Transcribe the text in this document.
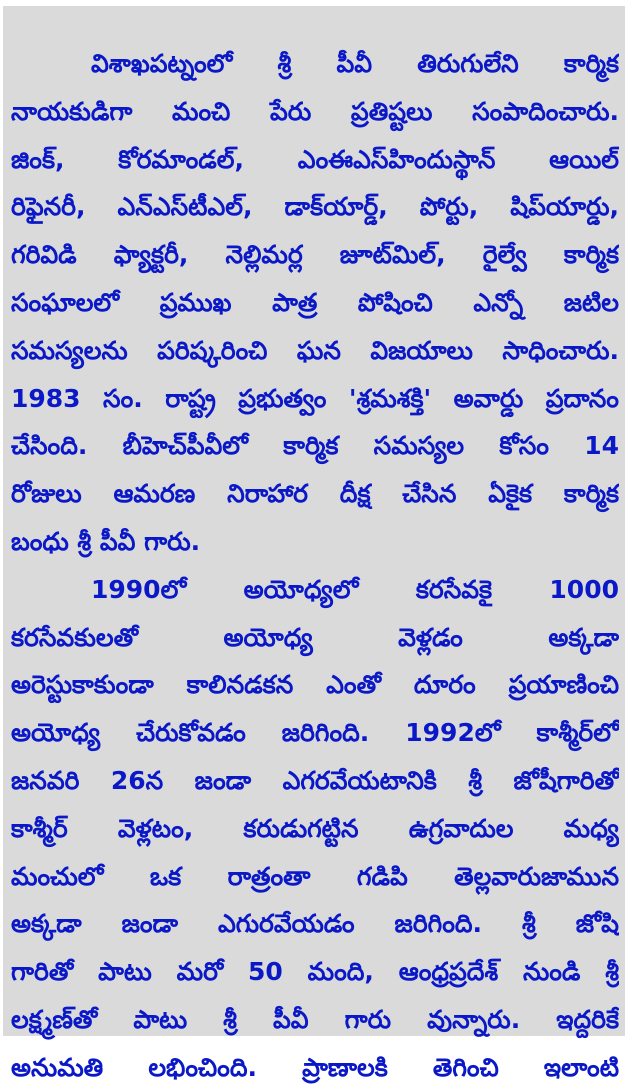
విశాఖపట్నంలో శ్రీ పీవీ తిరుగులేని కార్మిక
నాయకుడిగా మంచి పేరు ప్రతిష్టలు సంపాదించారు.
జింక్, కోరమాండల్, ఎంఈఎస్‌హిందుస్థాన్ ఆయిల్
రిఫైనరీ, ఎన్ఎస్‌టీఎల్, డాక్‌యార్డ్, పోర్టు, షిప్‌యార్డు,
గరివిడి ఫ్యాక్టరీ, నెల్లిమర్ల జూట్‌మిల్, రైల్వే కార్మిక
సంఘాలలో ప్రముఖ పాత్ర పోషించి ఎన్నో జటిల
సమస్యలను పరిష్కరించి ఘన విజయాలు సాధించారు.
1983 సం. రాష్ట్ర ప్రభుత్వం 'శ్రమశక్తి' అవార్డు ప్రదానం
చేసింది. బీహెచ్‌పీవీలో కార్మిక సమస్యల కోసం 14
రోజులు ఆమరణ నిరాహార దీక్ష చేసిన ఏకైక కార్మిక
బంధు శ్రీ పీవీ గారు.
1990లో అయోధ్యలో కరసేవకై 1000
కరసేవకులతో అయోధ్య వెళ్లడం అక్కడా
అరెస్టుకాకుండా కాలినడకన ఎంతో దూరం ప్రయాణించి
అయోధ్య చేరుకోవడం జరిగింది. 1992లో కాశ్మీర్‌లో
జనవరి 26న జండా ఎగరవేయటానికి శ్రీ జోషీగారితో
కాశ్మీర్ వెళ్లటం, కరుడుగట్టిన ఉగ్రవాదుల మధ్య
మంచులో ఒక రాత్రంతా గడిపి తెల్లవారుజామున
అక్కడా జండా ఎగురవేయడం జరిగింది. శ్రీ జోషి
గారితో పాటు మరో 50 మంది, ఆంధ్రప్రదేశ్ నుండి శ్రీ
లక్ష్మణ్‌తో పాటు శ్రీ పీవీ గారు వున్నారు. ఇద్దరికే
అనుమతి లభించింది. ప్రాణాలకి తెగించి ఇలాంటి
